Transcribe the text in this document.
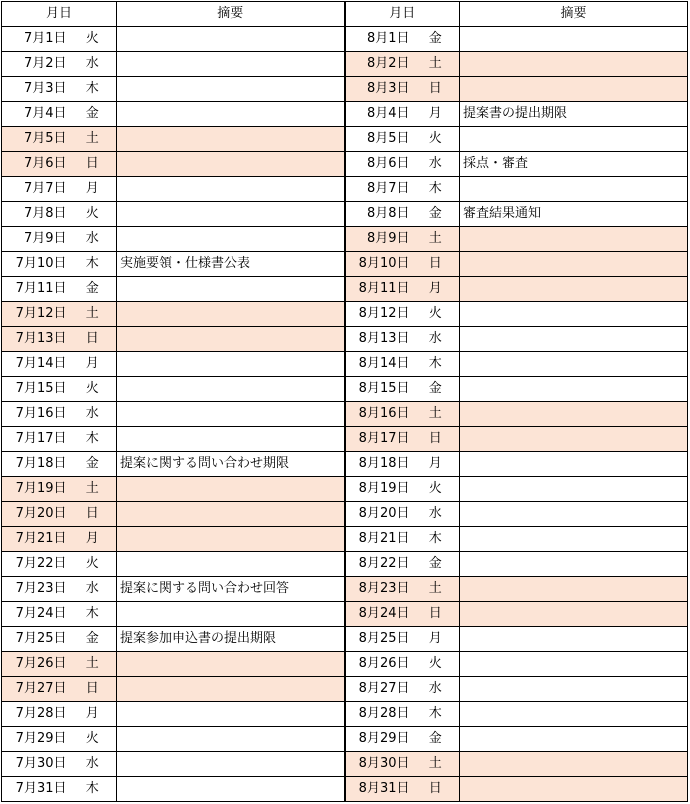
月日		摘要	月日		摘要
7月1日	火		8月1日	金	
7月2日	水		8月2日	土	
7月3日	木		8月3日	日	
7月4日	金		8月4日	月	提案書の提出期限
7月5日	土		8月5日	火	
7月6日	日		8月6日	水	採点・審査
7月7日	月		8月7日	木	
7月8日	火		8月8日	金	審査結果通知
7月9日	水		8月9日	土	
7月10日	木	実施要領・仕様書公表	8月10日	日	
7月11日	金		8月11日	月	
7月12日	土		8月12日	火	
7月13日	日		8月13日	水	
7月14日	月		8月14日	木	
7月15日	火		8月15日	金	
7月16日	水		8月16日	土	
7月17日	木		8月17日	日	
7月18日	金	提案に関する問い合わせ期限	8月18日	月	
7月19日	土		8月19日	火	
7月20日	日		8月20日	水	
7月21日	月		8月21日	木	
7月22日	火		8月22日	金	
7月23日	水	提案に関する問い合わせ回答	8月23日	土	
7月24日	木		8月24日	日	
7月25日	金	提案参加申込書の提出期限	8月25日	月	
7月26日	土		8月26日	火	
7月27日	日		8月27日	水	
7月28日	月		8月28日	木	
7月29日	火		8月29日	金	
7月30日	水		8月30日	土	
7月31日	木		8月31日	日	
